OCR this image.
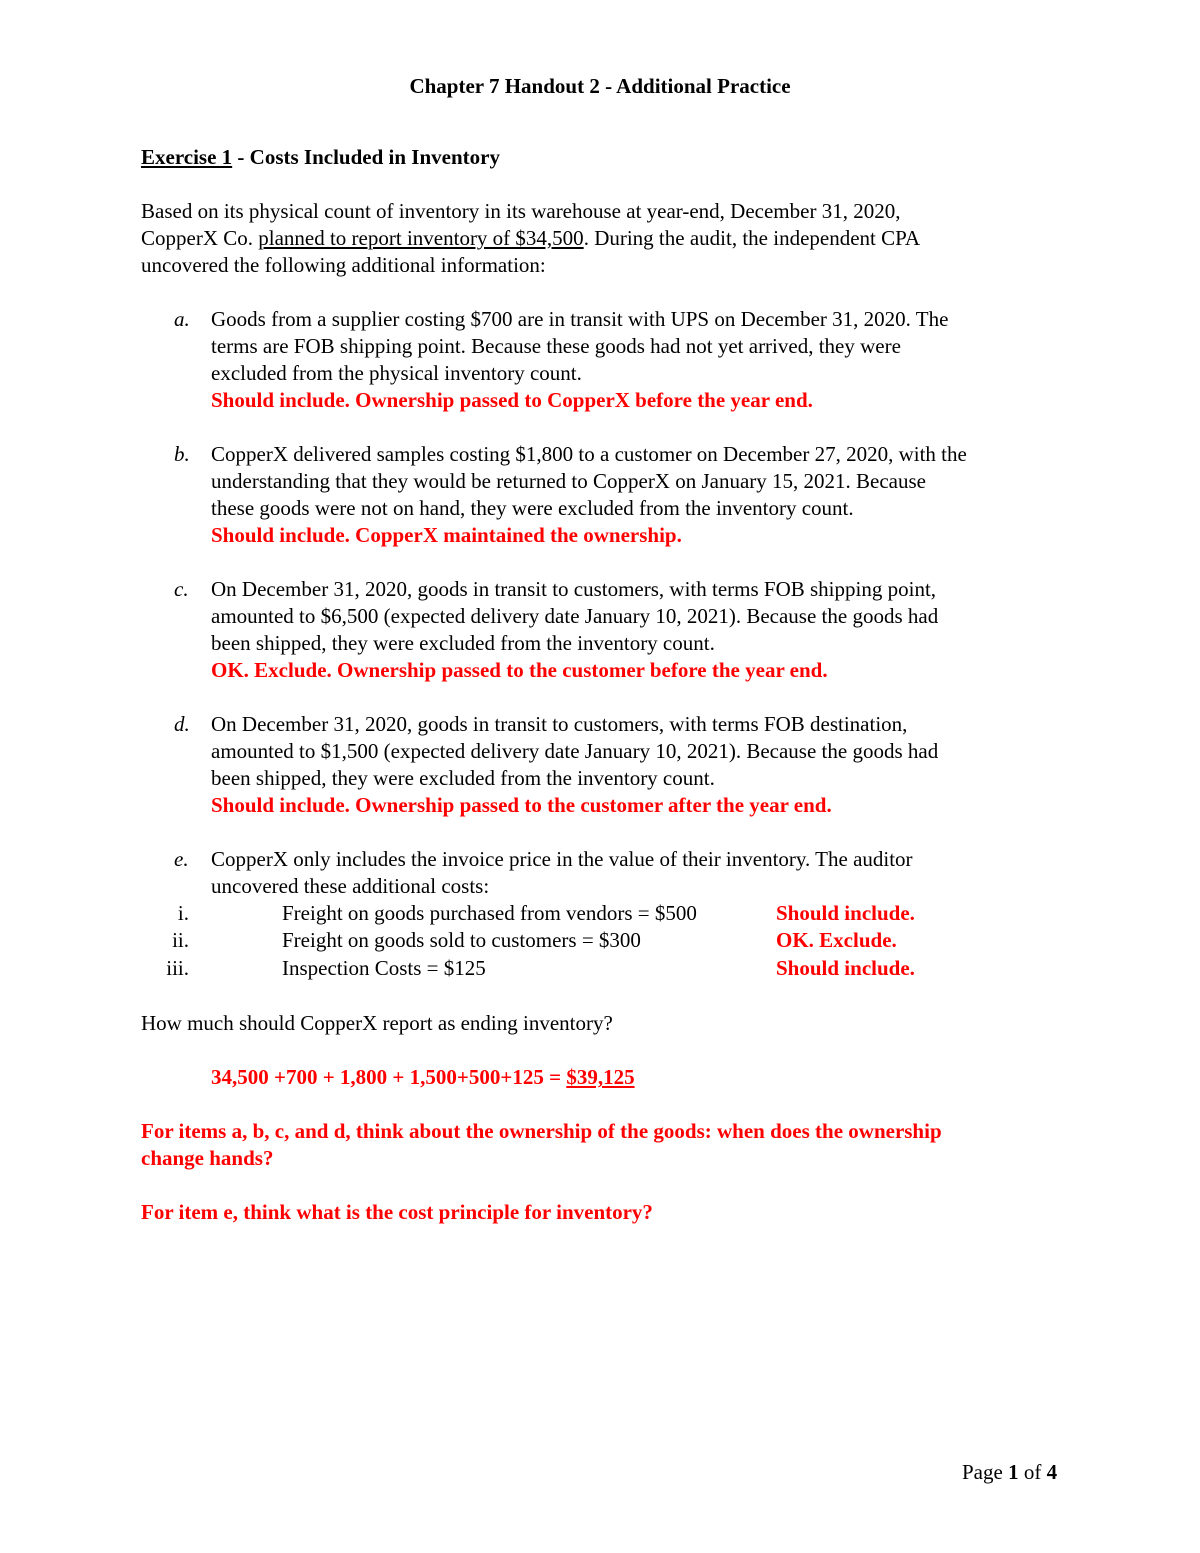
Chapter 7 Handout 2 - Additional Practice
Exercise 1 - Costs Included in Inventory
Based on its physical count of inventory in its warehouse at year-end, December 31, 2020,
CopperX Co. planned to report inventory of $34,500. During the audit, the independent CPA
uncovered the following additional information:
a. Goods from a supplier costing $700 are in transit with UPS on December 31, 2020. The
terms are FOB shipping point. Because these goods had not yet arrived, they were
excluded from the physical inventory count.
Should include. Ownership passed to CopperX before the year end.
b. CopperX delivered samples costing $1,800 to a customer on December 27, 2020, with the
understanding that they would be returned to CopperX on January 15, 2021. Because
these goods were not on hand, they were excluded from the inventory count.
Should include. CopperX maintained the ownership.
c. On December 31, 2020, goods in transit to customers, with terms FOB shipping point,
amounted to $6,500 (expected delivery date January 10, 2021). Because the goods had
been shipped, they were excluded from the inventory count.
OK. Exclude. Ownership passed to the customer before the year end.
d. On December 31, 2020, goods in transit to customers, with terms FOB destination,
amounted to $1,500 (expected delivery date January 10, 2021). Because the goods had
been shipped, they were excluded from the inventory count.
Should include. Ownership passed to the customer after the year end.
e. CopperX only includes the invoice price in the value of their inventory. The auditor
uncovered these additional costs:
i.	Freight on goods purchased from vendors = $500	Should include.
ii.	Freight on goods sold to customers = $300	OK. Exclude.
iii.	Inspection Costs = $125	Should include.
How much should CopperX report as ending inventory?
34,500 +700 + 1,800 + 1,500+500+125 = $39,125
For items a, b, c, and d, think about the ownership of the goods: when does the ownership
change hands?
For item e, think what is the cost principle for inventory?
Page 1 of 4
